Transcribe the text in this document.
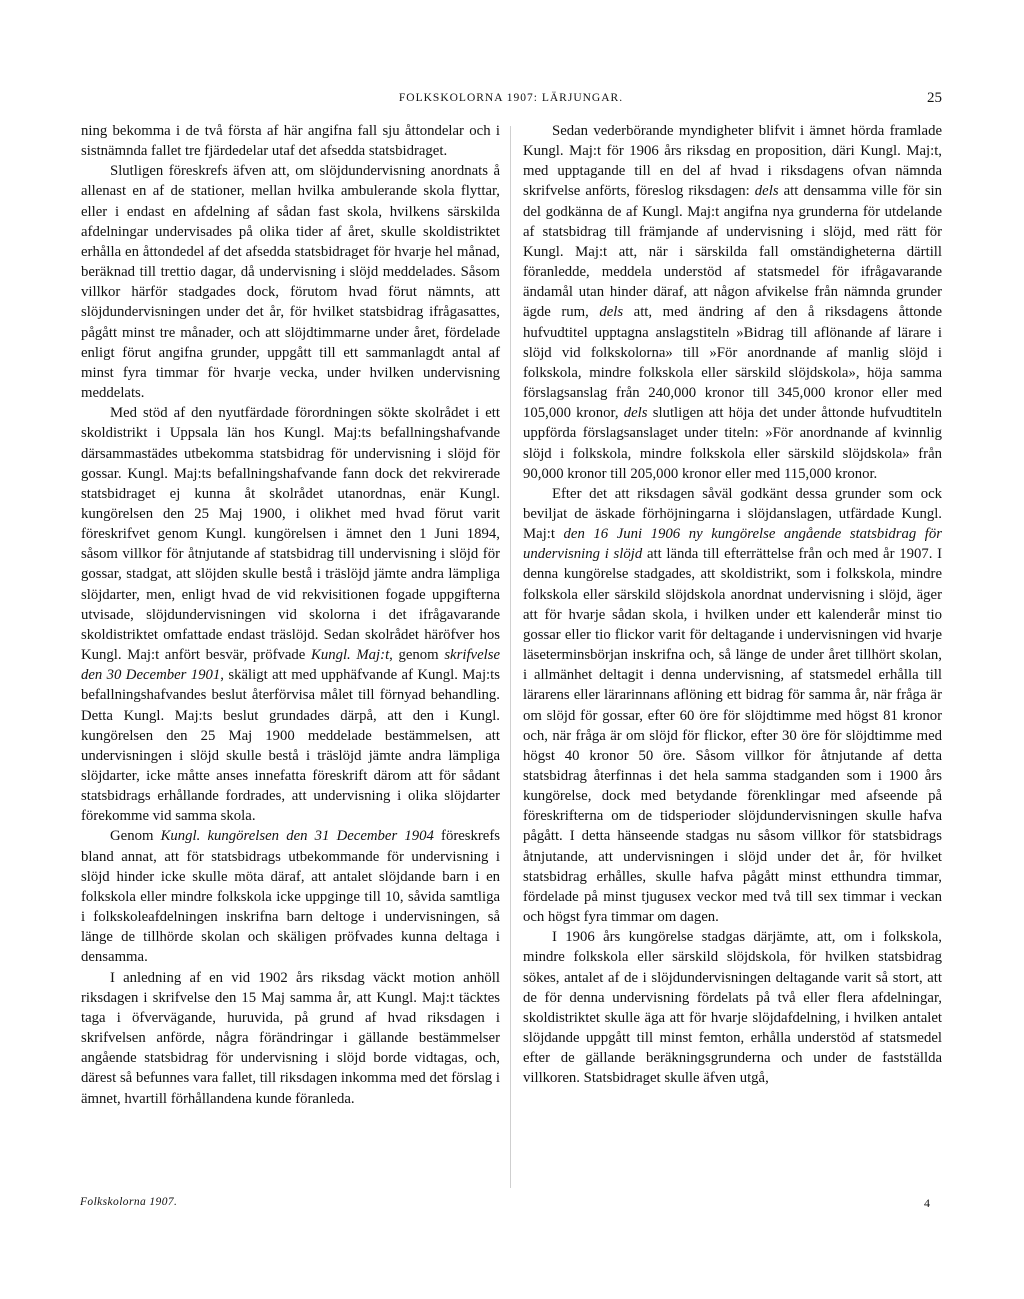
FOLKSKOLORNA 1907: LÄRJUNGAR.	25

ning bekomma i de två första af här angifna fall sju åttondelar och i sistnämnda fallet tre fjärdedelar utaf det afsedda statsbidraget.

Slutligen föreskrefs äfven att, om slöjdundervisning anordnats å allenast en af de stationer, mellan hvilka ambulerande skola flyttar, eller i endast en afdelning af sådan fast skola, hvilkens särskilda afdelningar undervisades på olika tider af året, skulle skoldistriktet erhålla en åttondedel af det afsedda statsbidraget för hvarje hel månad, beräknad till trettio dagar, då undervisning i slöjd meddelades. Såsom villkor härför stadgades dock, förutom hvad förut nämnts, att slöjdundervisningen under det år, för hvilket statsbidrag ifrågasattes, pågått minst tre månader, och att slöjdtimmarne under året, fördelade enligt förut angifna grunder, uppgått till ett sammanlagdt antal af minst fyra timmar för hvarje vecka, under hvilken undervisning meddelats.

Med stöd af den nyutfärdade förordningen sökte skolrådet i ett skoldistrikt i Uppsala län hos Kungl. Maj:ts befallningshafvande därsammastädes utbekomma statsbidrag för undervisning i slöjd för gossar. Kungl. Maj:ts befallningshafvande fann dock det rekvirerade statsbidraget ej kunna åt skolrådet utanordnas, enär Kungl. kungörelsen den 25 Maj 1900, i olikhet med hvad förut varit föreskrifvet genom Kungl. kungörelsen i ämnet den 1 Juni 1894, såsom villkor för åtnjutande af statsbidrag till undervisning i slöjd för gossar, stadgat, att slöjden skulle bestå i träslöjd jämte andra lämpliga slöjdarter, men, enligt hvad de vid rekvisitionen fogade uppgifterna utvisade, slöjdundervisningen vid skolorna i det ifrågavarande skoldistriktet omfattade endast träslöjd. Sedan skolrådet häröfver hos Kungl. Maj:t anfört besvär, pröfvade Kungl. Maj:t, genom skrifvelse den 30 December 1901, skäligt att med upphäfvande af Kungl. Maj:ts befallningshafvandes beslut återförvisa målet till förnyad behandling. Detta Kungl. Maj:ts beslut grundades därpå, att den i Kungl. kungörelsen den 25 Maj 1900 meddelade bestämmelsen, att undervisningen i slöjd skulle bestå i träslöjd jämte andra lämpliga slöjdarter, icke måtte anses innefatta föreskrift därom att för sådant statsbidrags erhållande fordrades, att undervisning i olika slöjdarter förekomme vid samma skola.

Genom Kungl. kungörelsen den 31 December 1904 föreskrefs bland annat, att för statsbidrags utbekommande för undervisning i slöjd hinder icke skulle möta däraf, att antalet slöjdande barn i en folkskola eller mindre folkskola icke uppginge till 10, såvida samtliga i folkskoleafdelningen inskrifna barn deltoge i undervisningen, så länge de tillhörde skolan och skäligen pröfvades kunna deltaga i densamma.

I anledning af en vid 1902 års riksdag väckt motion anhöll riksdagen i skrifvelse den 15 Maj samma år, att Kungl. Maj:t täcktes taga i öfvervägande, huruvida, på grund af hvad riksdagen i skrifvelsen anförde, några förändringar i gällande bestämmelser angående statsbidrag för undervisning i slöjd borde vidtagas, och, därest så befunnes vara fallet, till riksdagen inkomma med det förslag i ämnet, hvartill förhållandena kunde föranleda.

Sedan vederbörande myndigheter blifvit i ämnet hörda framlade Kungl. Maj:t för 1906 års riksdag en proposition, däri Kungl. Maj:t, med upptagande till en del af hvad i riksdagens ofvan nämnda skrifvelse anförts, föreslog riksdagen: dels att densamma ville för sin del godkänna de af Kungl. Maj:t angifna nya grunderna för utdelande af statsbidrag till främjande af undervisning i slöjd, med rätt för Kungl. Maj:t att, när i särskilda fall omständigheterna därtill föranledde, meddela understöd af statsmedel för ifrågavarande ändamål utan hinder däraf, att någon afvikelse från nämnda grunder ägde rum, dels att, med ändring af den å riksdagens åttonde hufvudtitel upptagna anslagstiteln »Bidrag till aflönande af lärare i slöjd vid folkskolorna» till »För anordnande af manlig slöjd i folkskola, mindre folkskola eller särskild slöjdskola», höja samma förslagsanslag från 240,000 kronor till 345,000 kronor eller med 105,000 kronor, dels slutligen att höja det under åttonde hufvudtiteln uppförda förslagsanslaget under titeln: »För anordnande af kvinnlig slöjd i folkskola, mindre folkskola eller särskild slöjdskola» från 90,000 kronor till 205,000 kronor eller med 115,000 kronor.

Efter det att riksdagen såväl godkänt dessa grunder som ock beviljat de äskade förhöjningarna i slöjdanslagen, utfärdade Kungl. Maj:t den 16 Juni 1906 ny kungörelse angående statsbidrag för undervisning i slöjd att lända till efterrättelse från och med år 1907. I denna kungörelse stadgades, att skoldistrikt, som i folkskola, mindre folkskola eller särskild slöjdskola anordnat undervisning i slöjd, äger att för hvarje sådan skola, i hvilken under ett kalenderår minst tio gossar eller tio flickor varit för deltagande i undervisningen vid hvarje läseterminsbörjan inskrifna och, så länge de under året tillhört skolan, i allmänhet deltagit i denna undervisning, af statsmedel erhålla till lärarens eller lärarinnans aflöning ett bidrag för samma år, när fråga är om slöjd för gossar, efter 60 öre för slöjdtimme med högst 81 kronor och, när fråga är om slöjd för flickor, efter 30 öre för slöjdtimme med högst 40 kronor 50 öre. Såsom villkor för åtnjutande af detta statsbidrag återfinnas i det hela samma stadganden som i 1900 års kungörelse, dock med betydande förenklingar med afseende på föreskrifterna om de tidsperioder slöjdundervisningen skulle hafva pågått. I detta hänseende stadgas nu såsom villkor för statsbidrags åtnjutande, att undervisningen i slöjd under det år, för hvilket statsbidrag erhålles, skulle hafva pågått minst etthundra timmar, fördelade på minst tjugusex veckor med två till sex timmar i veckan och högst fyra timmar om dagen.

I 1906 års kungörelse stadgas därjämte, att, om i folkskola, mindre folkskola eller särskild slöjdskola, för hvilken statsbidrag sökes, antalet af de i slöjdundervisningen deltagande varit så stort, att de för denna undervisning fördelats på två eller flera afdelningar, skoldistriktet skulle äga att för hvarje slöjdafdelning, i hvilken antalet slöjdande uppgått till minst femton, erhålla understöd af statsmedel efter de gällande beräkningsgrunderna och under de fastställda villkoren. Statsbidraget skulle äfven utgå,

Folkskolorna 1907.	4
